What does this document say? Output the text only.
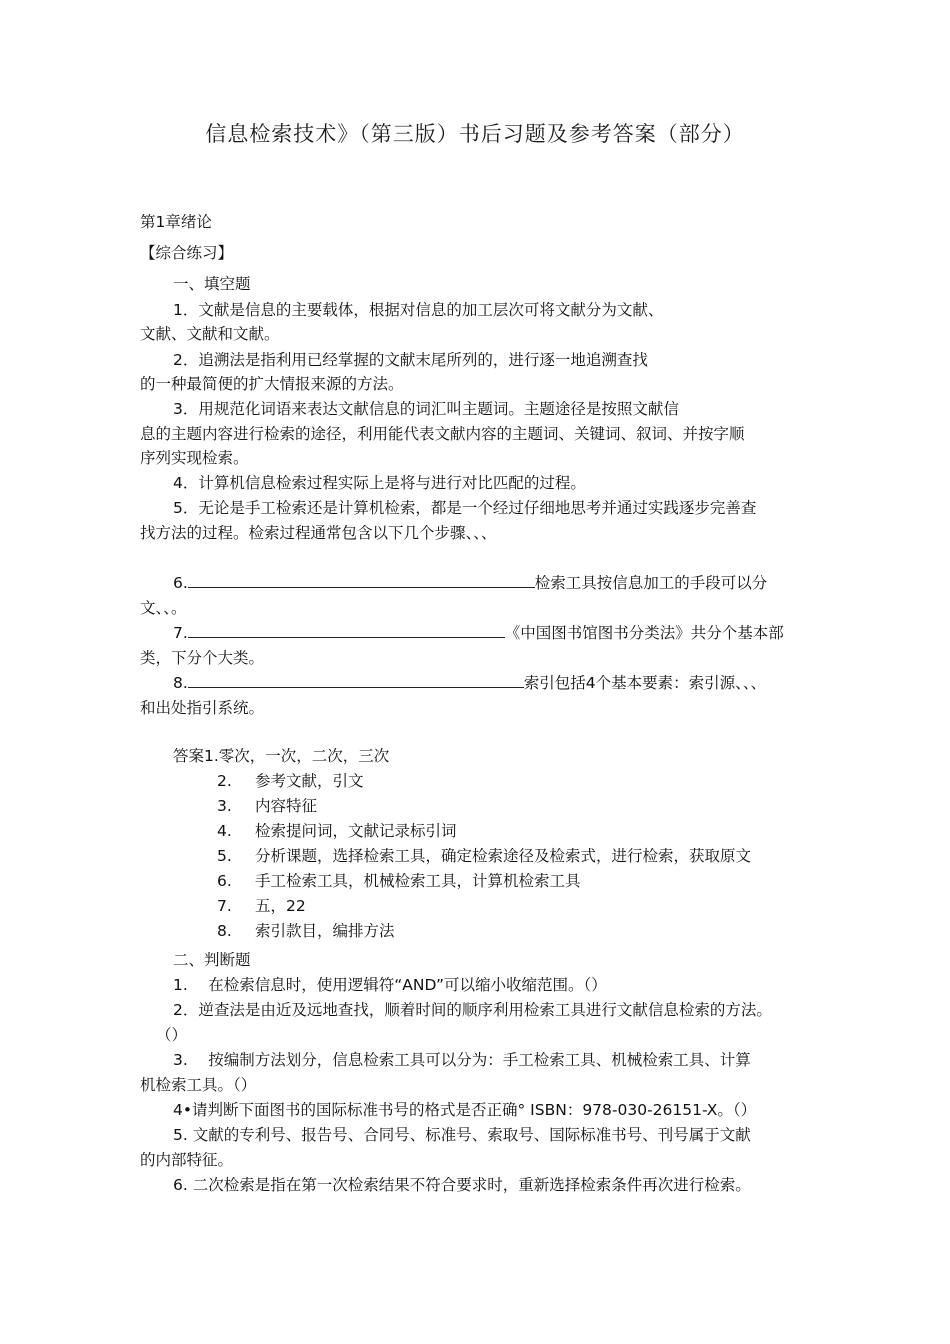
信息检索技术》（第三版）书后习题及参考答案（部分）
第1章绪论
【综合练习】
一、填空题
1．文献是信息的主要载体，根据对信息的加工层次可将文献分为文献、
文献、文献和文献。
2．追溯法是指利用已经掌握的文献末尾所列的，进行逐一地追溯查找
的一种最简便的扩大情报来源的方法。
3．用规范化词语来表达文献信息的词汇叫主题词。主题途径是按照文献信
息的主题内容进行检索的途径，利用能代表文献内容的主题词、关键词、叙词、并按字顺
序列实现检索。
4．计算机信息检索过程实际上是将与进行对比匹配的过程。
5．无论是手工检索还是计算机检索，都是一个经过仔细地思考并通过实践逐步完善查
找方法的过程。检索过程通常包含以下几个步骤、、、
6.	检索工具按信息加工的手段可以分
文、、。
7.	《中国图书馆图书分类法》共分个基本部
类，下分个大类。
8.	索引包括4个基本要素：索引源、、、
和出处指引系统。
答案1.零次，一次，二次，三次
2. 参考文献，引文
3. 内容特征
4. 检索提问词，文献记录标引词
5. 分析课题，选择检索工具，确定检索途径及检索式，进行检索，获取原文
6. 手工检索工具，机械检索工具，计算机检索工具
7. 五，22
8. 索引款目，编排方法
二、判断题
1.　 在检索信息时，使用逻辑符“AND”可以缩小收缩范围。（）
2．逆查法是由近及远地查找，顺着时间的顺序利用检索工具进行文献信息检索的方法。
（）
3.　 按编制方法划分，信息检索工具可以分为：手工检索工具、机械检索工具、计算
机检索工具。（）
4•请判断下面图书的国际标准书号的格式是否正确° ISBN：978-030-26151-X。（）
5. 文献的专利号、报告号、合同号、标准号、索取号、国际标准书号、刊号属于文献
的内部特征。
6. 二次检索是指在第一次检索结果不符合要求时，重新选择检索条件再次进行检索。
